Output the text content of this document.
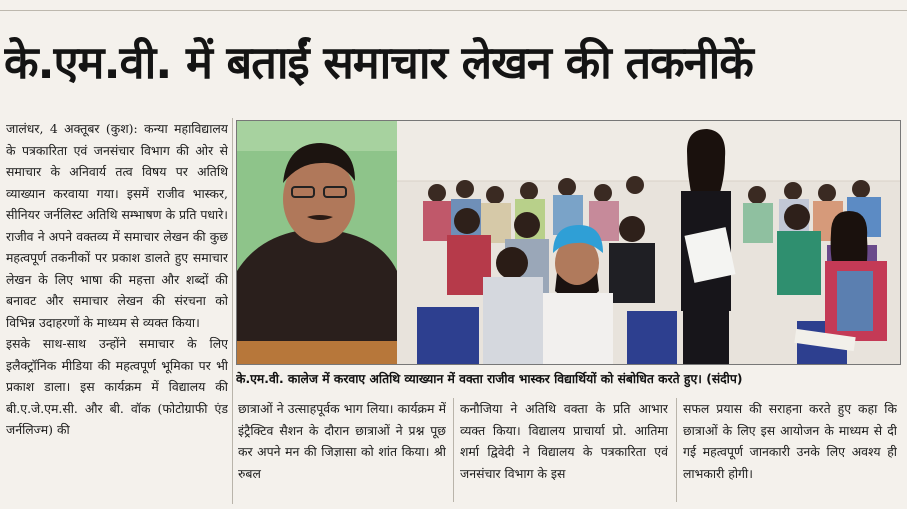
के.एम.वी. में बताईं समाचार लेखन की तकनीकें

जालंधर, 4 अक्तूबर (कुश): कन्या महाविद्यालय के पत्रकारिता एवं जनसंचार विभाग की ओर से समाचार के अनिवार्य तत्व विषय पर अतिथि व्याख्यान करवाया गया। इसमें राजीव भास्कर, सीनियर जर्नलिस्ट अतिथि सम्भाषण के प्रति पधारे। राजीव ने अपने वक्तव्य में समाचार लेखन की कुछ महत्वपूर्ण तकनीकों पर प्रकाश डालते हुए समाचार लेखन के लिए भाषा की महत्ता और शब्दों की बनावट और समाचार लेखन की संरचना को विभिन्न उदाहरणों के माध्यम से व्यक्त किया।

इसके साथ-साथ उन्होंने समाचार के लिए इलैक्ट्रॉनिक मीडिया की महत्वपूर्ण भूमिका पर भी प्रकाश डाला। इस कार्यक्रम में विद्यालय की बी.ए.जे.एम.सी. और बी. वॉक (फोटोग्राफी एंड जर्नलिज्म) की

के.एम.वी. कालेज में करवाए अतिथि व्याख्यान में वक्ता राजीव भास्कर विद्यार्थियों को संबोधित करते हुए। (संदीप)

छात्राओं ने उत्साहपूर्वक भाग लिया। कार्यक्रम में इंट्रैक्टिव सैशन के दौरान छात्राओं ने प्रश्न पूछ कर अपने मन की जिज्ञासा को शांत किया। श्री रुबल

कनौजिया ने अतिथि वक्ता के प्रति आभार व्यक्त किया। विद्यालय प्राचार्या प्रो. आतिमा शर्मा द्विवेदी ने विद्यालय के पत्रकारिता एवं जनसंचार विभाग के इस

सफल प्रयास की सराहना करते हुए कहा कि छात्राओं के लिए इस आयोजन के माध्यम से दी गई महत्वपूर्ण जानकारी उनके लिए अवश्य ही लाभकारी होगी।
